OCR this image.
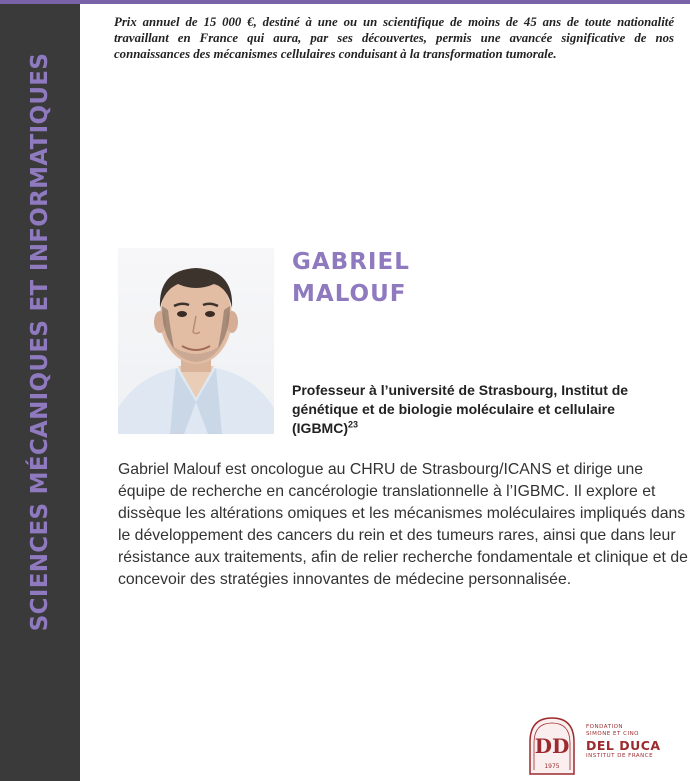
SCIENCES MÉCANIQUES ET INFORMATIQUES

Prix annuel de 15 000 €, destiné à une ou un scientifique de moins de 45 ans de toute nationalité travaillant en France qui aura, par ses découvertes, permis une avancée significative de nos connaissances des mécanismes cellulaires conduisant à la transformation tumorale.

GABRIEL
MALOUF

Professeur à l’université de Strasbourg, Institut de génétique et de biologie moléculaire et cellulaire (IGBMC)$^{23}$

Gabriel Malouf est oncologue au CHRU de Strasbourg/ICANS et dirige une équipe de recherche en cancérologie translationnelle à l’IGBMC. Il explore et dissèque les altérations omiques et les mécanismes moléculaires impliqués dans le développement des cancers du rein et des tumeurs rares, ainsi que dans leur résistance aux traitements, afin de relier recherche fondamentale et clinique et de concevoir des stratégies innovantes de médecine personnalisée.

DD
1975
FONDATION
SIMONE ET CINO
DEL DUCA
INSTITUT DE FRANCE
